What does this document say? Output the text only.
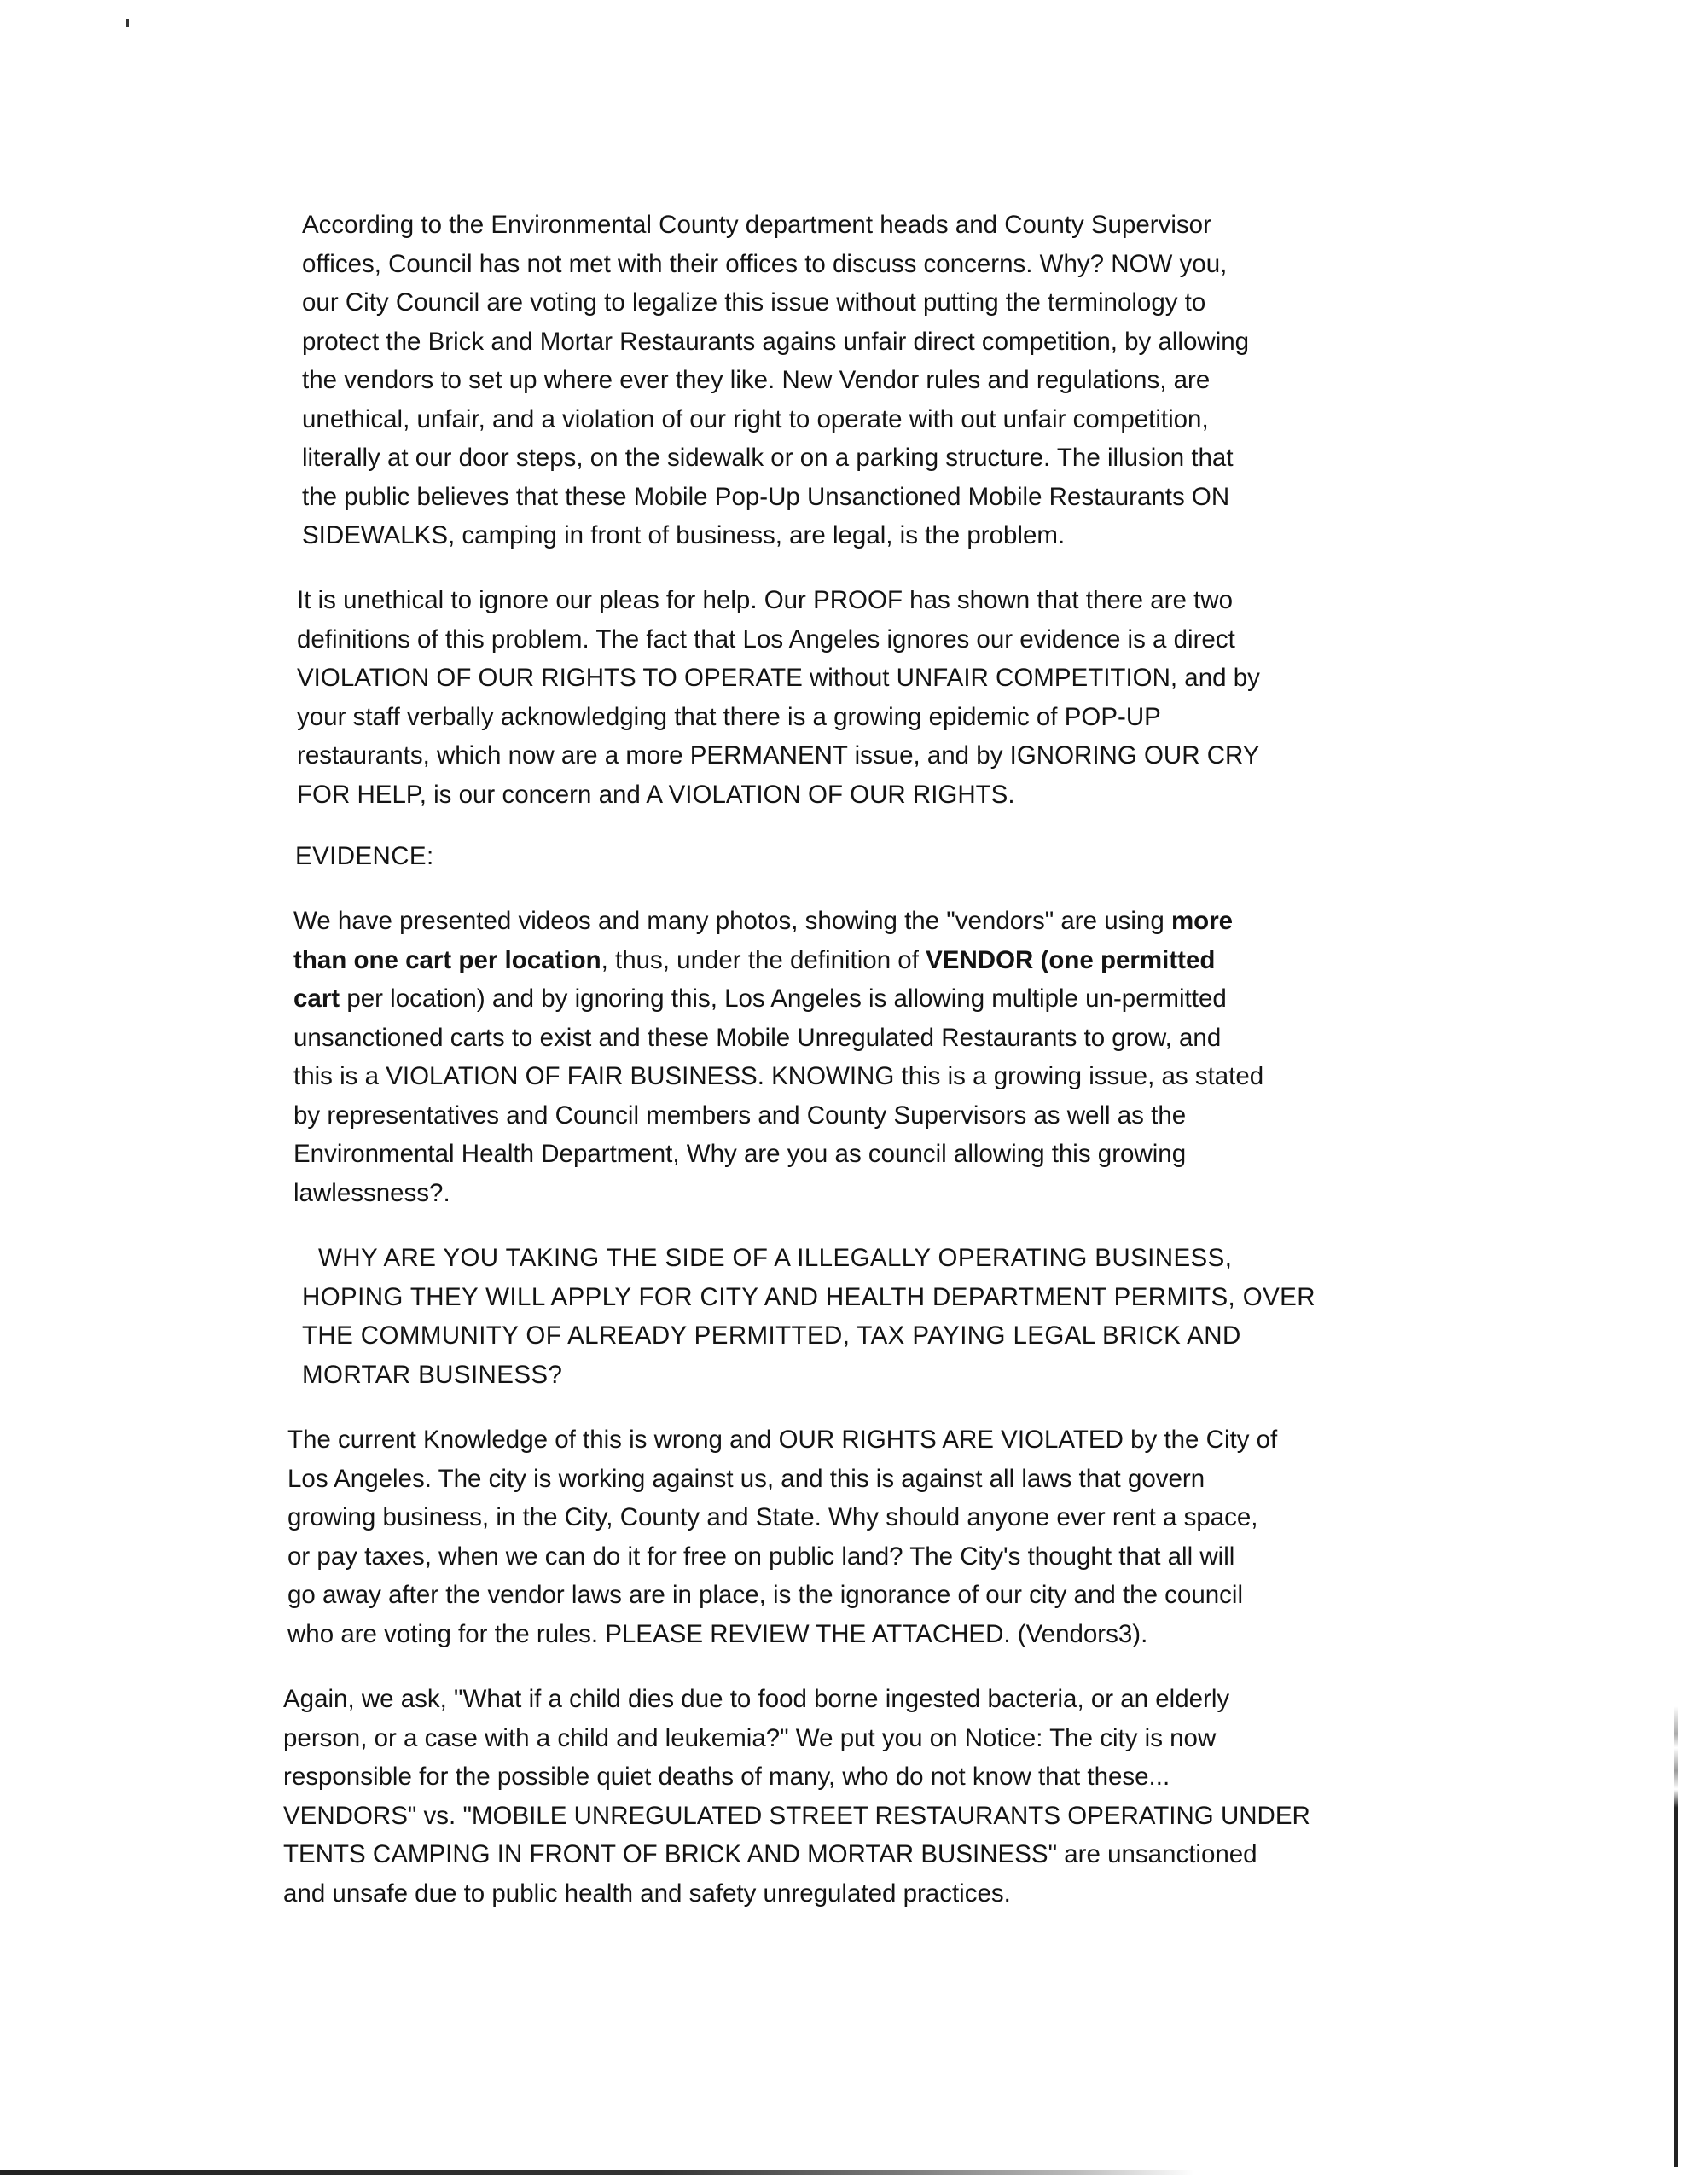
According to the Environmental County department heads and County Supervisor
offices, Council has not met with their offices to discuss concerns. Why? NOW you,
our City Council are voting to legalize this issue without putting the terminology to
protect the Brick and Mortar Restaurants agains unfair direct competition, by allowing
the vendors to set up where ever they like. New Vendor rules and regulations, are
unethical, unfair, and a violation of our right to operate with out unfair competition,
literally at our door steps, on the sidewalk or on a parking structure. The illusion that
the public believes that these Mobile Pop-Up Unsanctioned Mobile Restaurants ON
SIDEWALKS, camping in front of business, are legal, is the problem.
It is unethical to ignore our pleas for help. Our PROOF has shown that there are two
definitions of this problem. The fact that Los Angeles ignores our evidence is a direct
VIOLATION OF OUR RIGHTS TO OPERATE without UNFAIR COMPETITION, and by
your staff verbally acknowledging that there is a growing epidemic of POP-UP
restaurants, which now are a more PERMANENT issue, and by IGNORING OUR CRY
FOR HELP, is our concern and A VIOLATION OF OUR RIGHTS.
EVIDENCE:
We have presented videos and many photos, showing the "vendors" are using more
than one cart per location, thus, under the definition of VENDOR (one permitted
cart per location) and by ignoring this, Los Angeles is allowing multiple un-permitted
unsanctioned carts to exist and these Mobile Unregulated Restaurants to grow, and
this is a VIOLATION OF FAIR BUSINESS. KNOWING this is a growing issue, as stated
by representatives and Council members and County Supervisors as well as the
Environmental Health Department, Why are you as council allowing this growing
lawlessness?.
WHY ARE YOU TAKING THE SIDE OF A ILLEGALLY OPERATING BUSINESS,
HOPING THEY WILL APPLY FOR CITY AND HEALTH DEPARTMENT PERMITS, OVER
THE COMMUNITY OF ALREADY PERMITTED, TAX PAYING LEGAL BRICK AND
MORTAR BUSINESS?
The current Knowledge of this is wrong and OUR RIGHTS ARE VIOLATED by the City of
Los Angeles. The city is working against us, and this is against all laws that govern
growing business, in the City, County and State. Why should anyone ever rent a space,
or pay taxes, when we can do it for free on public land? The City's thought that all will
go away after the vendor laws are in place, is the ignorance of our city and the council
who are voting for the rules. PLEASE REVIEW THE ATTACHED. (Vendors3).
Again, we ask, "What if a child dies due to food borne ingested bacteria, or an elderly
person, or a case with a child and leukemia?" We put you on Notice: The city is now
responsible for the possible quiet deaths of many, who do not know that these...
VENDORS" vs. "MOBILE UNREGULATED STREET RESTAURANTS OPERATING UNDER
TENTS CAMPING IN FRONT OF BRICK AND MORTAR BUSINESS" are unsanctioned
and unsafe due to public health and safety unregulated practices.
